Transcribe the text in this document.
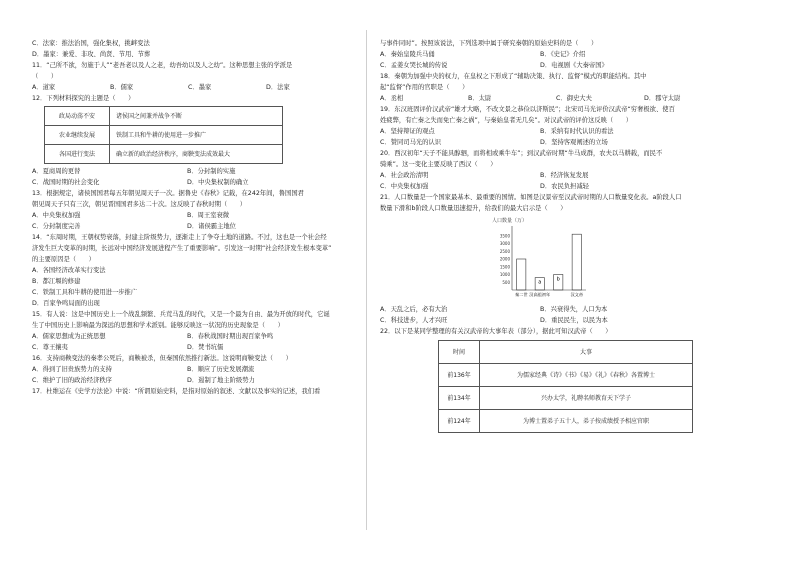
C．法家：推法治国，强化集权，挑衅变法
D．墨家：兼爱、非攻、尚贤、节用、节葬
11．“己所不欲，勿施于人”“老吾老以及人之老，幼吾幼以及人之幼”。这种思想主张的学派是
（　　）
A．道家	B．儒家	C．墨家	D．法家
12．下列材料探究的主题是（　　）
政局动荡不安	诸侯国之间兼并战争不断
农业继续发展	铁制工具和牛耕的使用进一步推广
各国进行变法	确立新的政治经济秩序，商鞅变法成效最大
A．夏商周的更替	B．分封制的实施
C．战国时期的社会变化	D．中央集权制的确立
13．根据规定，诸侯国国君每五年朝见周天子一次。据鲁史《春秋》记载，在242年间，鲁国国君
朝见周天子只有三次，朝见晋国国君多达二十次。这反映了春秋时期（　　）
A．中央集权加强	B．周王室衰微
C．分封制度完善	D．诸侯霸主地位
14．“东周时期，王朝权势衰落，封建主阶级势力，逐渐走上了争夺土地的道路。不过，这也是一个社会经
济发生巨大变革的时期，长远对中国经济发展进程产生了重要影响”。引发这一时期“社会经济发生根本变革”
的主要原因是（　　）
A．各国经济改革实行变法
B．都江堰的修建
C．铁制工具和牛耕的使用进一步推广
D．百家争鸣局面的出现
15．有人说：这是中国历史上一个战乱频繁、兵荒马乱的时代，又是一个最为自由、最为开放的时代，它诞
生了中国历史上影响最为深远的思想和学术派别。能够反映这一状况的历史现象是（　　）
A．儒家思想成为正统思想	B．春秋战国时期出现百家争鸣
C．尊王攘夷	D．焚书坑儒
16．支持商鞅变法的秦孝公死后，商鞅被杀，但秦国依然推行新法。这说明商鞅变法（　　）
A．得到了旧贵族势力的支持	B．顺应了历史发展潮流
C．维护了旧的政治经济秩序	D．遏制了地主阶级势力
17．杜维运在《史学方法论》中说：“所谓原始史料，是指对原始的叙述、文献以及事实的记述，我们看
与事件同时”。按照该说法，下列选项中属于研究秦朝的原始史料的是（　　）
A．秦始皇陵兵马俑	B．《史记》介绍
C．孟姜女哭长城的传说	D．电视剧《大秦帝国》
18．秦朝为加强中央的权力，在皇权之下形成了“辅助决策、执行、监督”模式的职能结构。其中
起“监督”作用的官职是（　　）
A．丞相	B．太尉	C．御史大夫	D．郡守太尉
19．东汉班固评价汉武帝“雄才大略，不改文景之恭俭以济斯民”；北宋司马光评价汉武帝“穷奢极欲、使百
姓疲弊，有亡秦之失而免亡秦之祸”，与秦始皇者无几矣”。对汉武帝的评价这反映（　　）
A．坚持辩证的观点	B．采纳有时代认识的看法
C．赞同司马光的认识	D．坚持客观阐述的立场
20．西汉初年“天子不能具醇驷，而将相或乘牛车”；到汉武帝时期“牛马成群，农夫以马耕载，而民不
骑乘”。这一变化主要反映了西汉（　　）
A．社会政治清明	B．经济恢复发展
C．中央集权加强	D．农民负担减轻
21．人口数量是一个国家最基本、最重要的国情。如图是汉景帝至汉武帝时期的人口数量变化表。a阶段人口
数量下滑和b阶段人口数量迅速提升，给我们的最大启示是（　　）
人口数量（万）
500
1000
1500
2000
2500
3000
3500
a
b
秦二世 汉高祖初年	汉文帝
A．天乱之后，必有大治	B．兴衰得失，人口为本
C．科技进步，人才兴旺	D．重民民生，以民为本
22．以下是某同学整理的有关汉武帝的大事年表（部分），据此可知汉武帝（　　）
时间	大事
前136年	为儒家经典《诗》《书》《易》《礼》《春秋》各置博士
前134年	兴办太学，礼聘名师教育天下学子
前124年	为博士置弟子五十人，弟子按成绩授予相应官职
